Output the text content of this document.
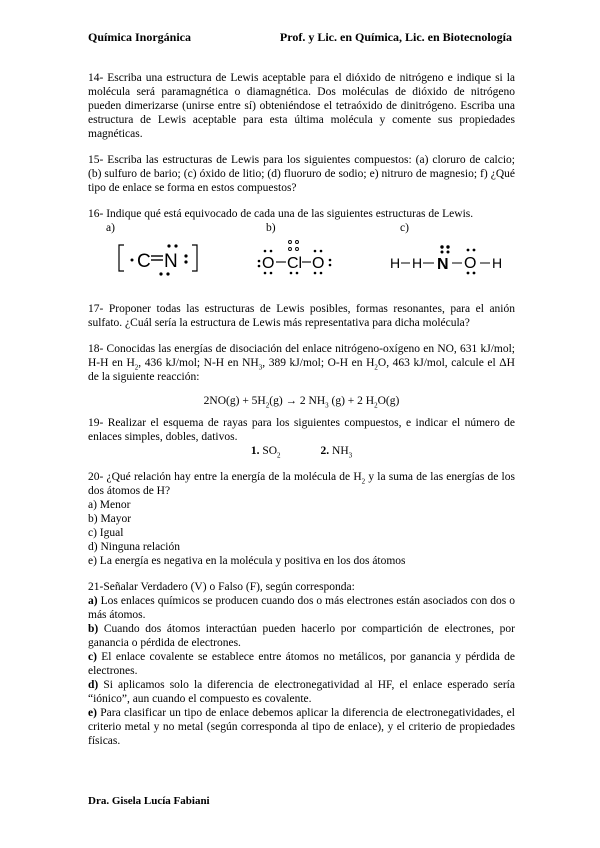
Química Inorgánica	Prof. y Lic. en Química, Lic. en Biotecnología

14- Escriba una estructura de Lewis aceptable para el dióxido de nitrógeno e indique si la molécula será paramagnética o diamagnética. Dos moléculas de dióxido de nitrógeno pueden dimerizarse (unirse entre sí) obteniéndose el tetraóxido de dinitrógeno. Escriba una estructura de Lewis aceptable para esta última molécula y comente sus propiedades magnéticas.

15- Escriba las estructuras de Lewis para los siguientes compuestos: (a) cloruro de calcio; (b) sulfuro de bario; (c) óxido de litio; (d) fluoruro de sodio; e) nitruro de magnesio; f) ¿Qué tipo de enlace se forma en estos compuestos?

16- Indique qué está equivocado de cada una de las siguientes estructuras de Lewis.

a)	b)	c)
C N	O Cl O	H H N O H

17- Proponer todas las estructuras de Lewis posibles, formas resonantes, para el anión sulfato. ¿Cuál sería la estructura de Lewis más representativa para dicha molécula?

18- Conocidas las energías de disociación del enlace nitrógeno-oxígeno en NO, 631 kJ/mol; H-H en $H_2$, 436 kJ/mol; N-H en $NH_3$, 389 kJ/mol; O-H en $H_2O$, 463 kJ/mol, calcule el ΔH de la siguiente reacción:

$2NO(g) + 5H_2(g) \to 2$ $NH_3$ (g) + 2 $H_2O(g)$

19- Realizar el esquema de rayas para los siguientes compuestos, e indicar el número de enlaces simples, dobles, dativos.

1. $SO_2$	2. $NH_3$

20- ¿Qué relación hay entre la energía de la molécula de $H_2$ y la suma de las energías de los dos átomos de H?

a) Menor
b) Mayor
c) Igual
d) Ninguna relación
e) La energía es negativa en la molécula y positiva en los dos átomos

21-Señalar Verdadero (V) o Falso (F), según corresponda:

a) Los enlaces químicos se producen cuando dos o más electrones están asociados con dos o más átomos.

b) Cuando dos átomos interactúan pueden hacerlo por compartición de electrones, por ganancia o pérdida de electrones.

c) El enlace covalente se establece entre átomos no metálicos, por ganancia y pérdida de electrones.

d) Si aplicamos solo la diferencia de electronegatividad al HF, el enlace esperado sería “iónico”, aun cuando el compuesto es covalente.

e) Para clasificar un tipo de enlace debemos aplicar la diferencia de electronegatividades, el criterio metal y no metal (según corresponda al tipo de enlace), y el criterio de propiedades físicas.

Dra. Gisela Lucía Fabiani
